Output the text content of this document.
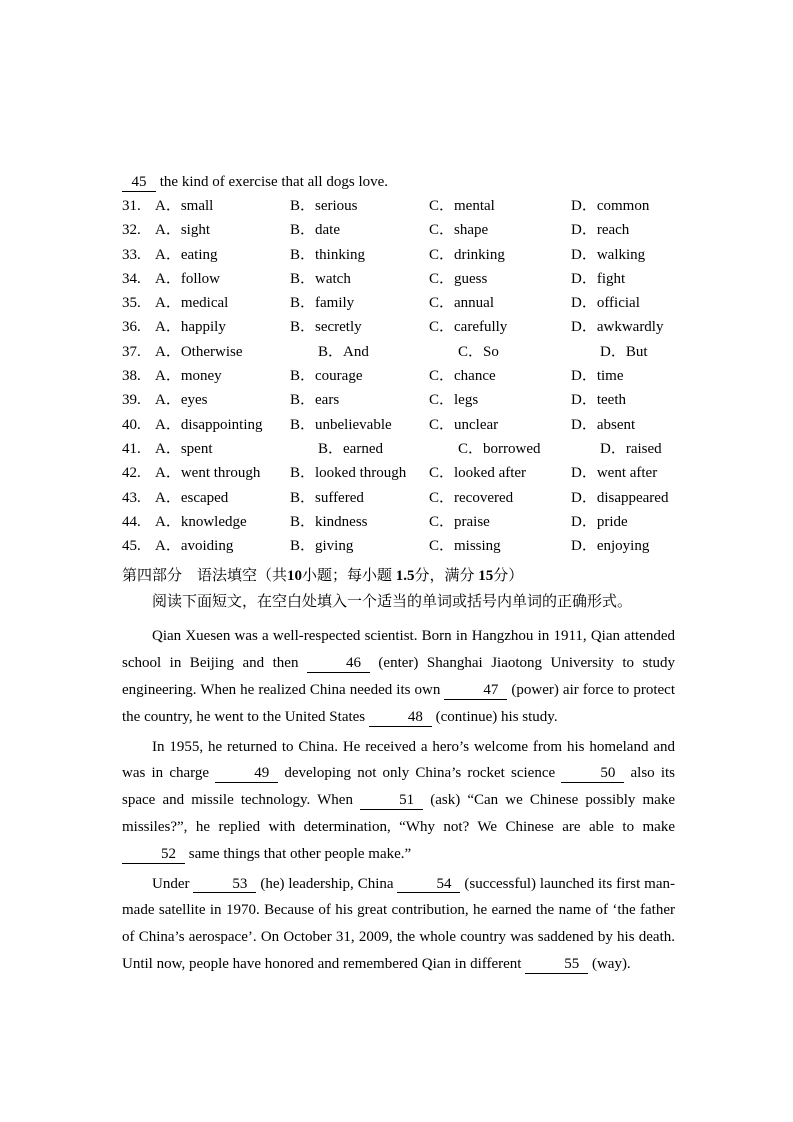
45 the kind of exercise that all dogs love.

31. A．small	B．serious	C．mental	D．common
32. A．sight	B．date	C．shape	D．reach
33. A．eating	B．thinking	C．drinking	D．walking
34. A．follow	B．watch	C．guess	D．fight
35. A．medical	B．family	C．annual	D．official
36. A．happily	B．secretly	C．carefully	D．awkwardly
37. A．Otherwise	B．And	C．So	D．But
38. A．money	B．courage	C．chance	D．time
39. A．eyes	B．ears	C．legs	D．teeth
40. A．disappointing	B．unbelievable	C．unclear	D．absent
41. A．spent	B．earned	C．borrowed	D．raised
42. A．went through	B．looked through	C．looked after	D．went after
43. A．escaped	B．suffered	C．recovered	D．disappeared
44. A．knowledge	B．kindness	C．praise	D．pride
45. A．avoiding	B．giving	C．missing	D．enjoying

第四部分　语法填空（共10小题；每小题 1.5分，满分 15分）

阅读下面短文，在空白处填入一个适当的单词或括号内单词的正确形式。

Qian Xuesen was a well-respected scientist. Born in Hangzhou in 1911, Qian attended school in Beijing and then	46 (enter) Shanghai Jiaotong University to study engineering. When he realized China needed its own	47 (power) air force to protect the country, he went to the United States	48 (continue) his study.

In 1955, he returned to China. He received a hero’s welcome from his homeland and was in charge	49 developing not only China’s rocket science	50 also its space and missile technology. When	51 (ask) “Can we Chinese possibly make missiles?”, he replied with determination, “Why not? We Chinese are able to make 52 same things that other people make.”

Under	53 (he) leadership, China	54 (successful) launched its first man-made satellite in 1970. Because of his great contribution, he earned the name of ‘the father of China’s aerospace’. On October 31, 2009, the whole country was saddened by his death. Until now, people have honored and remembered Qian in different	55 (way).
